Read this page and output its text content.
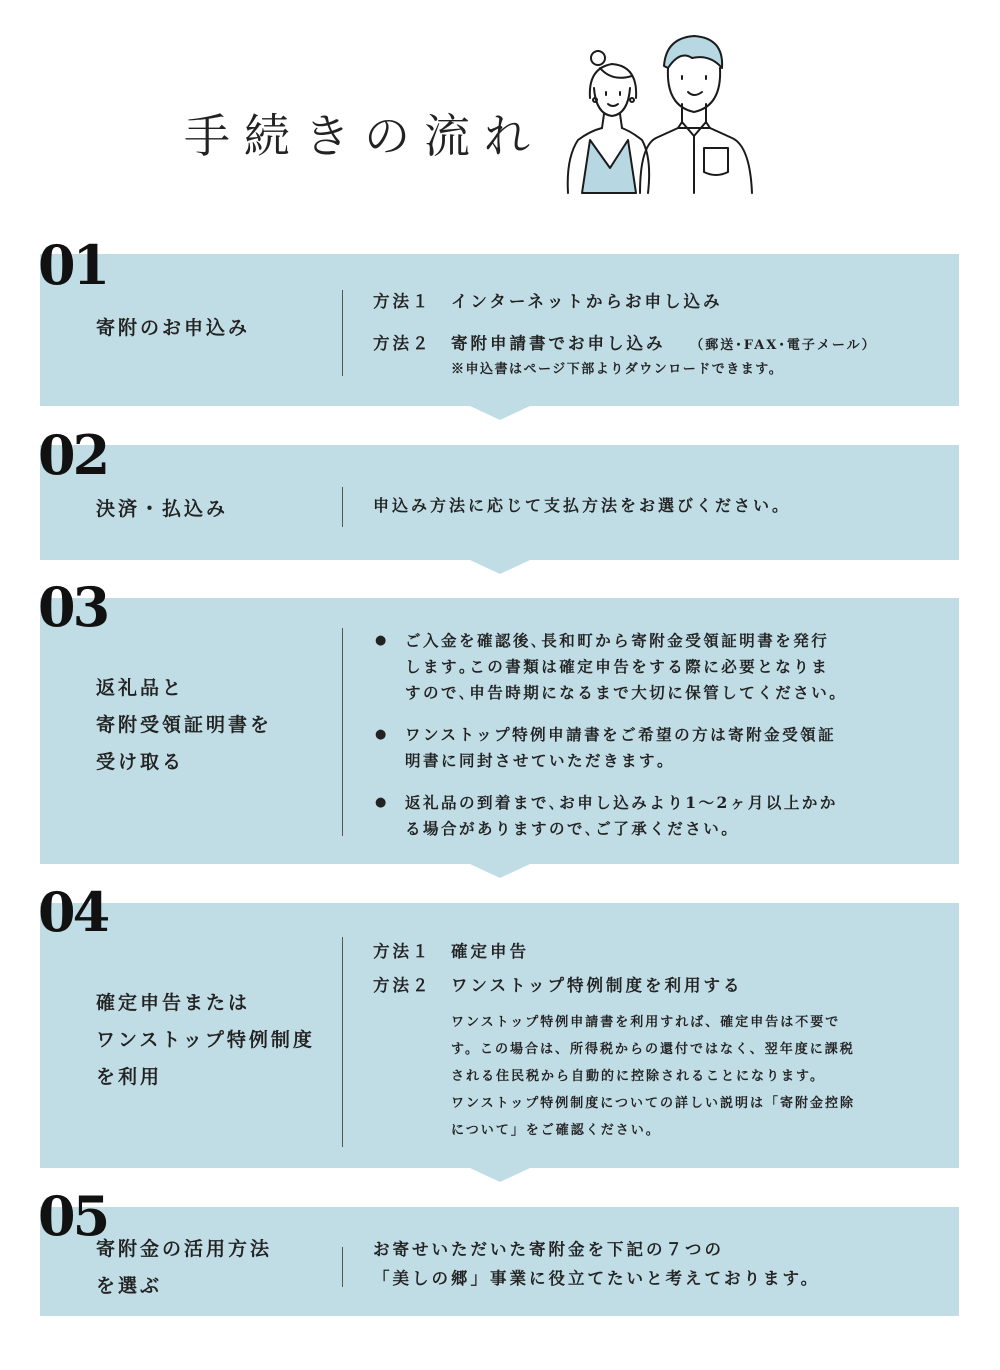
手続きの流れ
寄附のお申込み
方法１ インターネットからお申し込み
方法２ 寄附申請書でお申し込み （郵送･FAX･電子メール）
※申込書はページ下部よりダウンロードできます。
01
決済・払込み	申込み方法に応じて支払方法をお選びください。
02
返礼品と
寄附受領証明書を
受け取る
● ご入金を確認後､長和町から寄附金受領証明書を発行
します｡この書類は確定申告をする際に必要となりま
すので､申告時期になるまで大切に保管してください｡
● ワンストップ特例申請書をご希望の方は寄附金受領証
明書に同封させていただきます｡
● 返礼品の到着まで､お申し込みより1〜2ヶ月以上かか
る場合がありますので､ご了承ください｡
03
確定申告または
ワンストップ特例制度
を利用
方法１ 確定申告
方法２ ワンストップ特例制度を利用する
ワンストップ特例申請書を利用すれば、確定申告は不要で
す。この場合は、所得税からの還付ではなく、翌年度に課税
される住民税から自動的に控除されることになります。
ワンストップ特例制度についての詳しい説明は「寄附金控除
について」をご確認ください。
04
寄附金の活用方法
を選ぶ
お寄せいただいた寄附金を下記の７つの
「美しの郷」事業に役立てたいと考えております。
05
